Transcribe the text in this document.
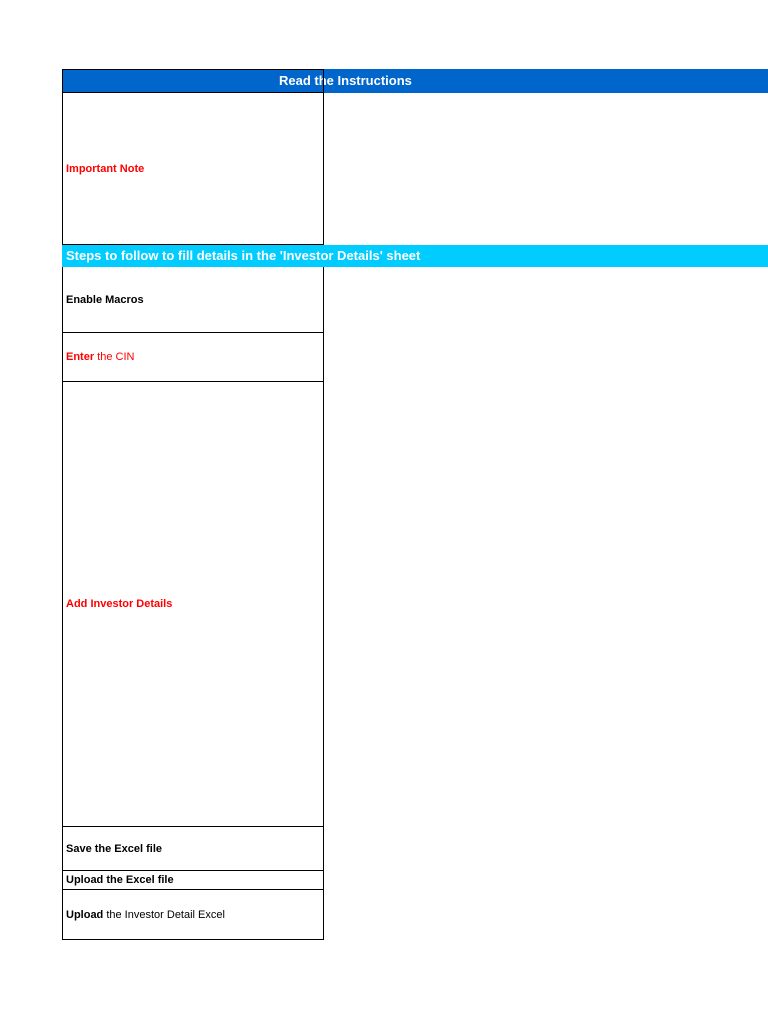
Read the Instructions
Important Note
Steps to follow to fill details in the 'Investor Details' sheet
Enable Macros
Enter the CIN
Add Investor Details
Save the Excel file
Upload the Excel file
Upload the Investor Detail Excel
